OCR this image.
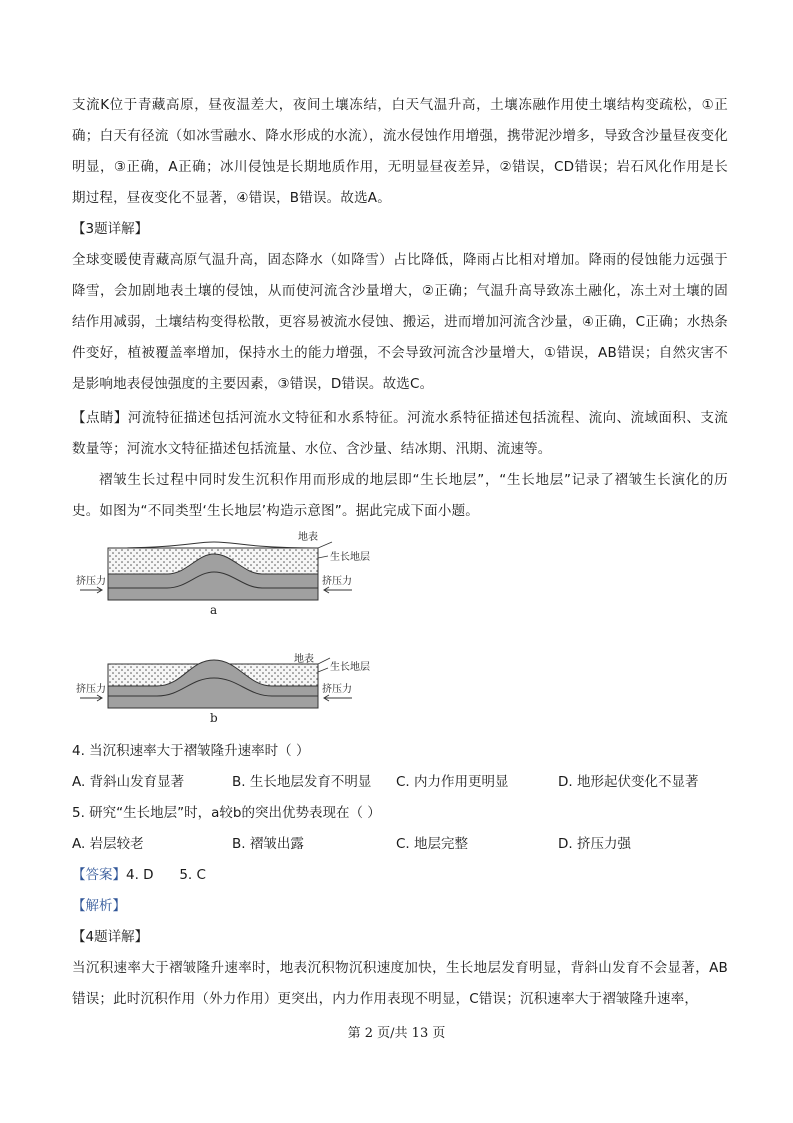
支流K位于青藏高原，昼夜温差大，夜间土壤冻结，白天气温升高，土壤冻融作用使土壤结构变疏松，①正确；白天有径流（如冰雪融水、降水形成的水流），流水侵蚀作用增强，携带泥沙增多，导致含沙量昼夜变化明显，③正确，A正确；冰川侵蚀是长期地质作用，无明显昼夜差异，②错误，CD错误；岩石风化作用是长期过程，昼夜变化不显著，④错误，B错误。故选A。

【3题详解】

全球变暖使青藏高原气温升高，固态降水（如降雪）占比降低，降雨占比相对增加。降雨的侵蚀能力远强于降雪，会加剧地表土壤的侵蚀，从而使河流含沙量增大，②正确；气温升高导致冻土融化，冻土对土壤的固结作用减弱，土壤结构变得松散，更容易被流水侵蚀、搬运，进而增加河流含沙量，④正确，C正确；水热条件变好，植被覆盖率增加，保持水土的能力增强，不会导致河流含沙量增大，①错误，AB错误；自然灾害不是影响地表侵蚀强度的主要因素，③错误，D错误。故选C。

【点睛】河流特征描述包括河流水文特征和水系特征。河流水系特征描述包括流程、流向、流域面积、支流数量等；河流水文特征描述包括流量、水位、含沙量、结冰期、汛期、流速等。

褶皱生长过程中同时发生沉积作用而形成的地层即“生长地层”，“生长地层”记录了褶皱生长演化的历史。如图为“不同类型‘生长地层’构造示意图”。据此完成下面小题。

地表
生长地层
挤压力	挤压力
a
地表
生长地层
挤压力	挤压力
b
4. 当沉积速率大于褶皱隆升速率时（ ）
A. 背斜山发育显著	B. 生长地层发育不明显 C. 内力作用更明显	D. 地形起伏变化不显著
5. 研究“生长地层”时，a较b的突出优势表现在（ ）
A. 岩层较老	B. 褶皱出露	C. 地层完整	D. 挤压力强
【答案】4. D      5. C
【解析】
【4题详解】

当沉积速率大于褶皱隆升速率时，地表沉积物沉积速度加快，生长地层发育明显，背斜山发育不会显著，AB错误；此时沉积作用（外力作用）更突出，内力作用表现不明显，C错误；沉积速率大于褶皱隆升速率，

第 2 页/共 13 页
